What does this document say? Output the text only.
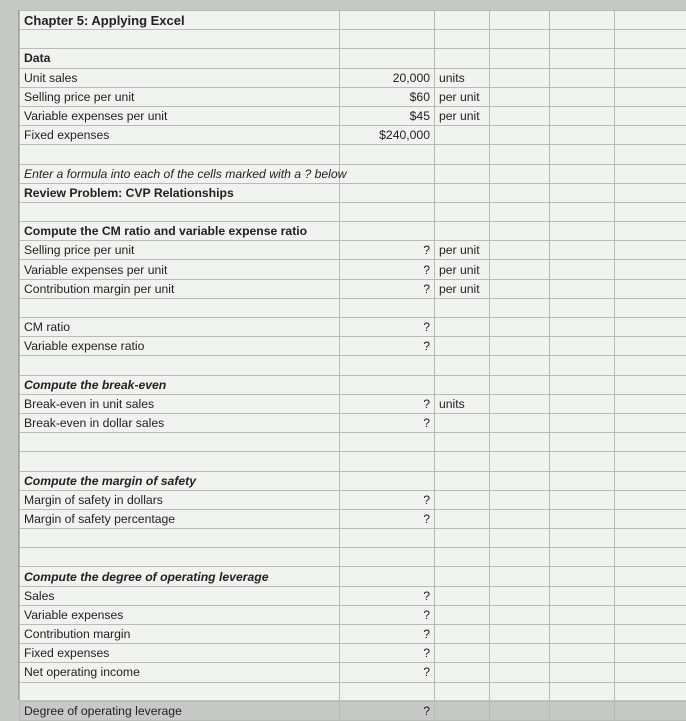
Chapter 5: Applying Excel					

Data					
Unit sales	20,000	units			
Selling price per unit	$60	per unit			
Variable expenses per unit	$45	per unit			
Fixed expenses	$240,000				

Enter a formula into each of the cells marked with a ? below					
Review Problem: CVP Relationships					

Compute the CM ratio and variable expense ratio					
Selling price per unit	?	per unit			
Variable expenses per unit	?	per unit			
Contribution margin per unit	?	per unit			

CM ratio	?				
Variable expense ratio	?				

Compute the break-even					
Break-even in unit sales	?	units			
Break-even in dollar sales	?				

Compute the margin of safety					
Margin of safety in dollars	?				
Margin of safety percentage	?				

Compute the degree of operating leverage					
Sales	?				
Variable expenses	?				
Contribution margin	?				
Fixed expenses	?				
Net operating income	?				

Degree of operating leverage	?				
